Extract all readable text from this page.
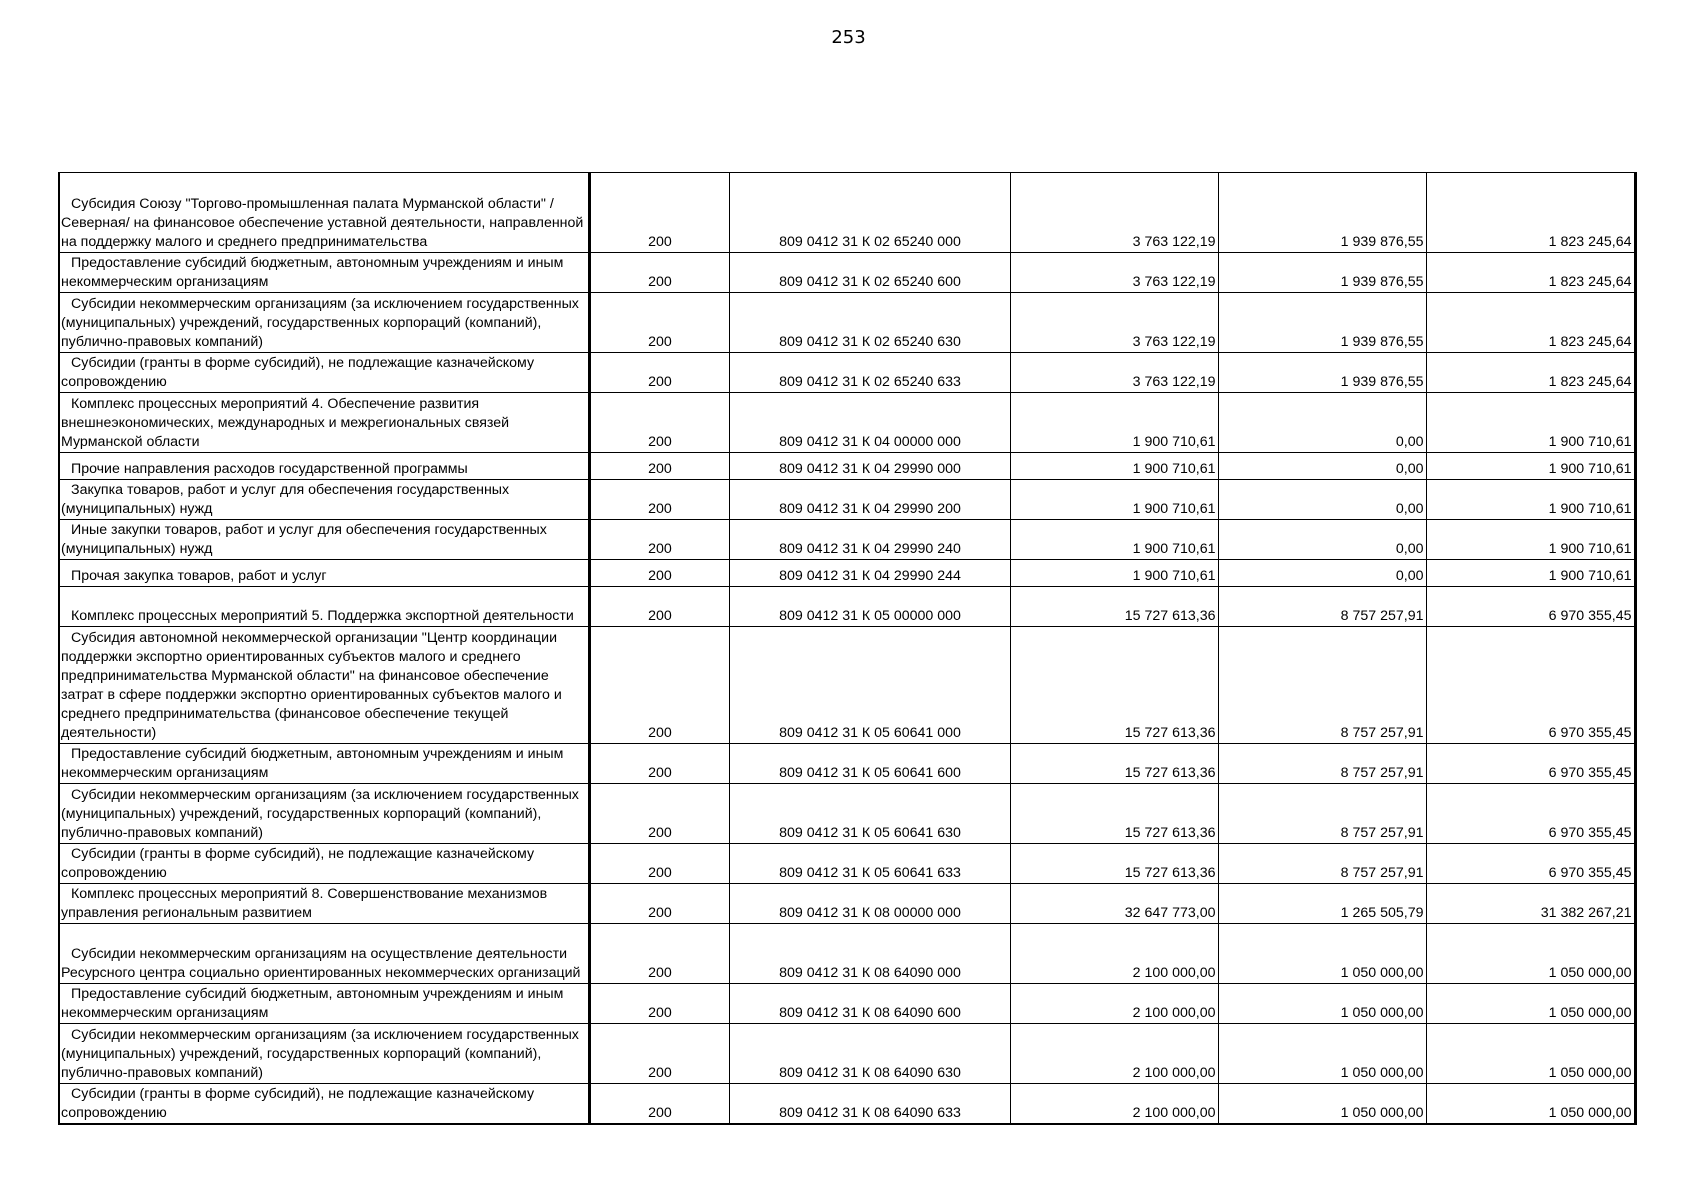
253
Субсидия Союзу "Торгово-промышленная палата Мурманской области" /Северная/ на финансовое обеспечение уставной деятельности, направленной на поддержку малого и среднего предпринимательства	200	809 0412 31 К 02 65240 000	3 763 122,19	1 939 876,55	1 823 245,64
Предоставление субсидий бюджетным, автономным учреждениям и иным некоммерческим организациям	200	809 0412 31 К 02 65240 600	3 763 122,19	1 939 876,55	1 823 245,64
Субсидии некоммерческим организациям (за исключением государственных (муниципальных) учреждений, государственных корпораций (компаний), публично-правовых компаний)	200	809 0412 31 К 02 65240 630	3 763 122,19	1 939 876,55	1 823 245,64
Субсидии (гранты в форме субсидий), не подлежащие казначейскому сопровождению	200	809 0412 31 К 02 65240 633	3 763 122,19	1 939 876,55	1 823 245,64
Комплекс процессных мероприятий 4. Обеспечение развития внешнеэкономических, международных и межрегиональных связей Мурманской области	200	809 0412 31 К 04 00000 000	1 900 710,61	0,00	1 900 710,61
Прочие направления расходов государственной программы	200	809 0412 31 К 04 29990 000	1 900 710,61	0,00	1 900 710,61
Закупка товаров, работ и услуг для обеспечения государственных (муниципальных) нужд	200	809 0412 31 К 04 29990 200	1 900 710,61	0,00	1 900 710,61
Иные закупки товаров, работ и услуг для обеспечения государственных (муниципальных) нужд	200	809 0412 31 К 04 29990 240	1 900 710,61	0,00	1 900 710,61
Прочая закупка товаров, работ и услуг	200	809 0412 31 К 04 29990 244	1 900 710,61	0,00	1 900 710,61
Комплекс процессных мероприятий 5. Поддержка экспортной деятельности	200	809 0412 31 К 05 00000 000	15 727 613,36	8 757 257,91	6 970 355,45
Субсидия автономной некоммерческой организации "Центр координации поддержки экспортно ориентированных субъектов малого и среднего предпринимательства Мурманской области" на финансовое обеспечение затрат в сфере поддержки экспортно ориентированных субъектов малого и среднего предпринимательства (финансовое обеспечение текущей деятельности)	200	809 0412 31 К 05 60641 000	15 727 613,36	8 757 257,91	6 970 355,45
Предоставление субсидий бюджетным, автономным учреждениям и иным некоммерческим организациям	200	809 0412 31 К 05 60641 600	15 727 613,36	8 757 257,91	6 970 355,45
Субсидии некоммерческим организациям (за исключением государственных (муниципальных) учреждений, государственных корпораций (компаний), публично-правовых компаний)	200	809 0412 31 К 05 60641 630	15 727 613,36	8 757 257,91	6 970 355,45
Субсидии (гранты в форме субсидий), не подлежащие казначейскому сопровождению	200	809 0412 31 К 05 60641 633	15 727 613,36	8 757 257,91	6 970 355,45
Комплекс процессных мероприятий 8. Совершенствование механизмов управления региональным развитием	200	809 0412 31 К 08 00000 000	32 647 773,00	1 265 505,79	31 382 267,21
Субсидии некоммерческим организациям на осуществление деятельности Ресурсного центра социально ориентированных некоммерческих организаций	200	809 0412 31 К 08 64090 000	2 100 000,00	1 050 000,00	1 050 000,00
Предоставление субсидий бюджетным, автономным учреждениям и иным некоммерческим организациям	200	809 0412 31 К 08 64090 600	2 100 000,00	1 050 000,00	1 050 000,00
Субсидии некоммерческим организациям (за исключением государственных (муниципальных) учреждений, государственных корпораций (компаний), публично-правовых компаний)	200	809 0412 31 К 08 64090 630	2 100 000,00	1 050 000,00	1 050 000,00
Субсидии (гранты в форме субсидий), не подлежащие казначейскому сопровождению	200	809 0412 31 К 08 64090 633	2 100 000,00	1 050 000,00	1 050 000,00
